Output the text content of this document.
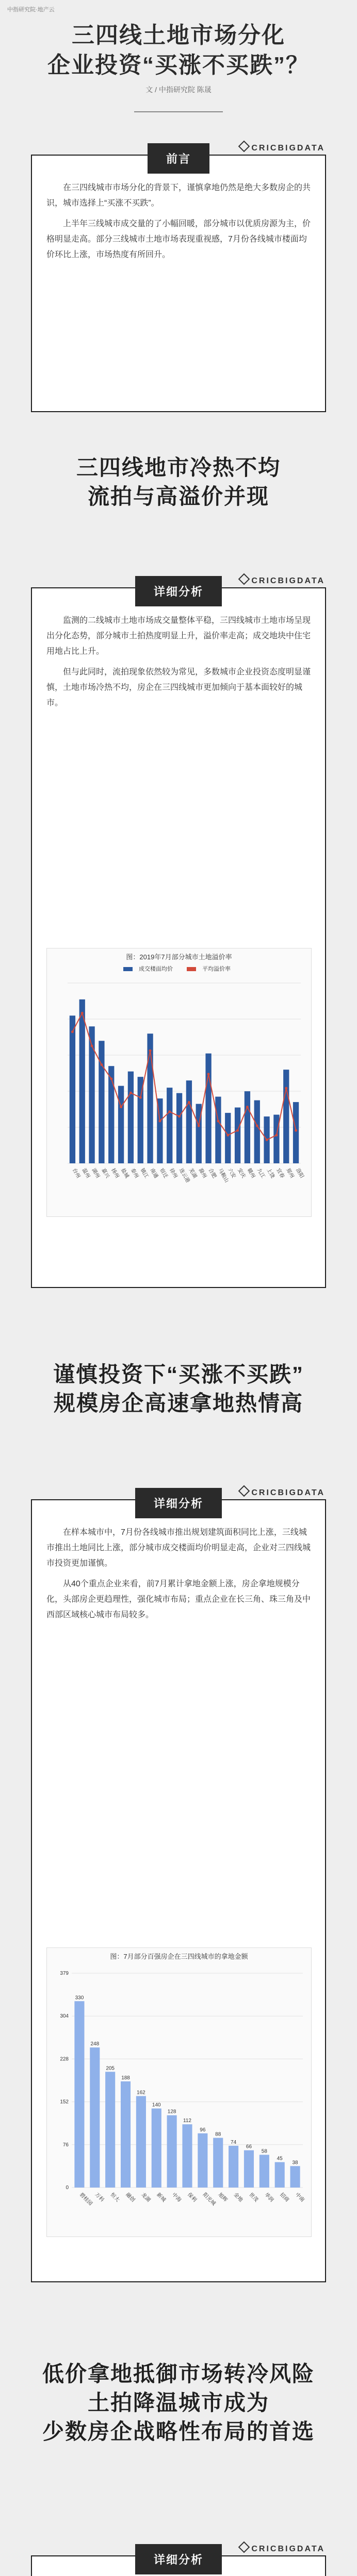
中指研究院·地产云
三四线土地市场分化
企业投资“买涨不买跌”？
文 / 中指研究院 陈晟
前言

在三四线城市市场分化的背景下，谨慎拿地仍然是绝大多数房企的共识，城市选择上“买涨不买跌”。

上半年三线城市成交量的了小幅回暖，部分城市以优质房源为主，价格明显走高。部分三线城市土地市场表现重视感，7月份各线城市楼面均价环比上涨，市场热度有所回升。

CRICBIGDATA
三四线地市冷热不均
流拍与高溢价并现
详细分析

监测的二线城市土地市场成交量整体平稳，三四线城市土地市场呈现出分化态势，部分城市土拍热度明显上升，溢价率走高；成交地块中住宅用地占比上升。

但与此同时，流拍现象依然较为常见，多数城市企业投资态度明显谨慎，土地市场冷热不均，房企在三四线城市更加倾向于基本面较好的城市。

CRICBIGDATA
图：2019年7月部分城市土地溢价率
成交楼面均价	平均溢价率
台州 温州 湖州 嘉兴 扬州 盐城 泰州 镇江 南通 宿迁 徐州 连云港
芜湖 滁州 合肥 马鞍山
六安 安庆 赣州 九江 上饶 宜春 郑州 洛阳
谨慎投资下“买涨不买跌”
规模房企高速拿地热情高
详细分析

在样本城市中，7月份各线城市推出规划建筑面积同比上涨，三线城市推出土地同比上涨，部分城市成交楼面均价明显走高，企业对三四线城市投资更加谨慎。

从40个重点企业来看，前7月累计拿地金额上涨，房企拿地规模分化，头部房企更趋理性，强化城市布局；重点企业在长三角、珠三角及中西部区域核心城市布局较多。

CRICBIGDATA
图：7月部分百强房企在三四线城市的拿地金额
379
304
228
152
76
0
330
碧桂园
248
万科
205
恒大
188
融创
162
龙湖
140
新城
128
中海
112
保利
96
阳光城
88
旭辉
74
金地
66
世茂
58
华润
45
招商
38
中南
低价拿地抵御市场转冷风险
土拍降温城市成为
少数房企战略性布局的首选
详细分析

CRICBIGDATA
